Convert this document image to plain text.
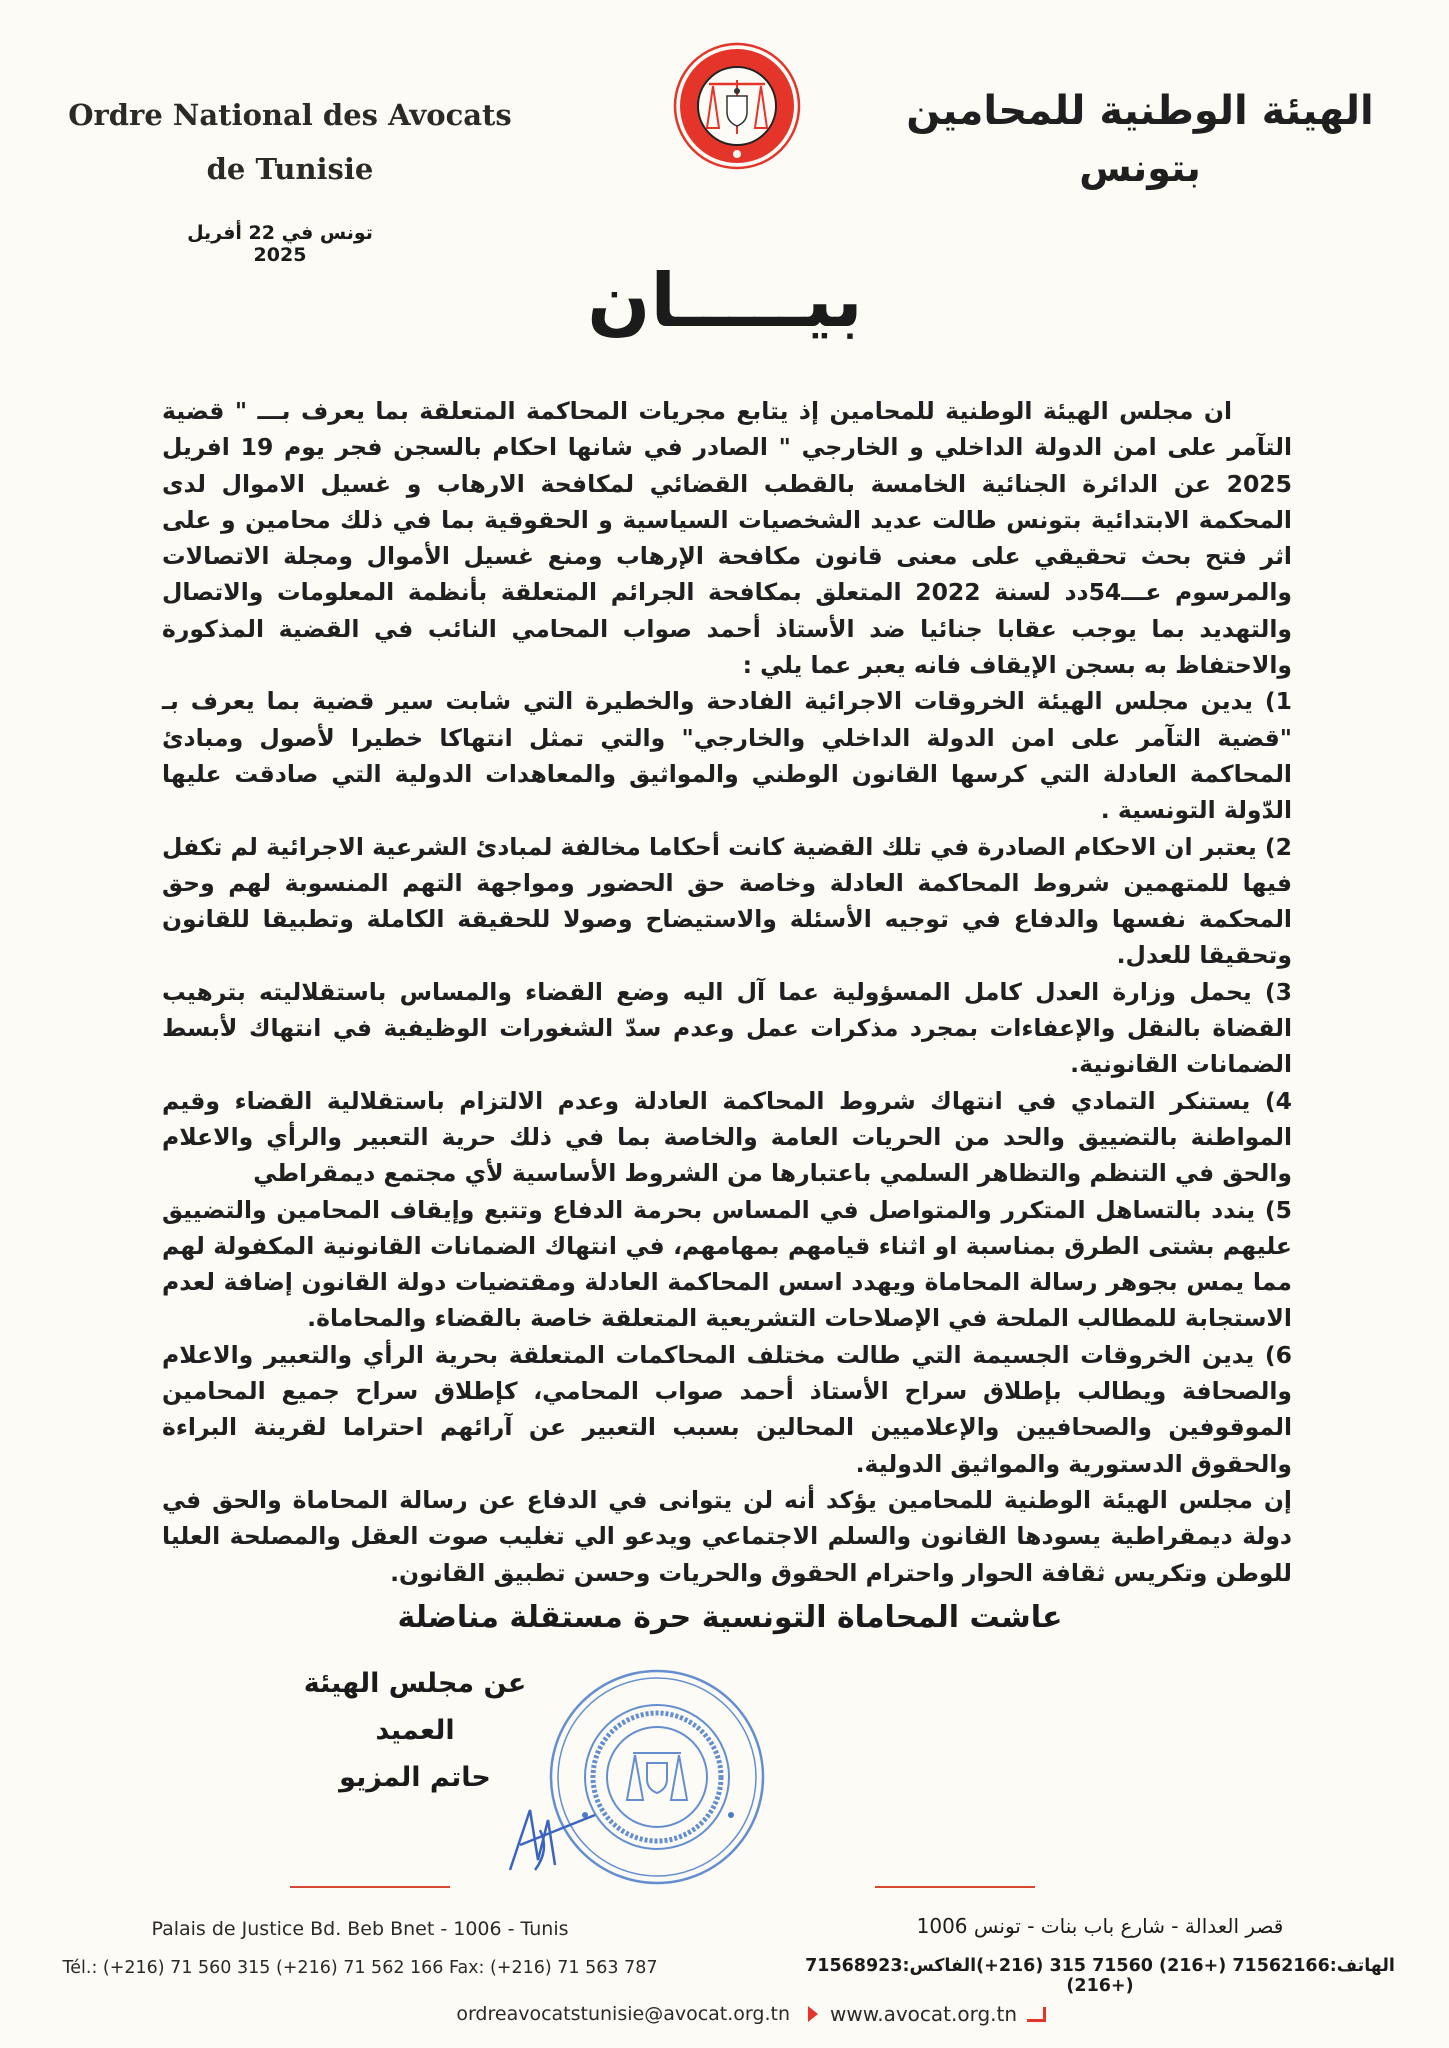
Ordre National des Avocats
de Tunisie
تونس في 22 أفريل 2025
الهيئة الوطنية للمحامين
بتونس
بيـــــان

ان مجلس الهيئة الوطنية للمحامين إذ يتابع مجريات المحاكمة المتعلقة بما يعرف بـــ " قضية التآمر على امن الدولة الداخلي و الخارجي " الصادر في شانها احكام بالسجن فجر يوم 19 افريل 2025 عن الدائرة الجنائية الخامسة بالقطب القضائي لمكافحة الارهاب و غسيل الاموال لدى المحكمة الابتدائية بتونس طالت عديد الشخصيات السياسية و الحقوقية بما في ذلك محامين و على اثر فتح بحث تحقيقي على معنى قانون مكافحة الإرهاب ومنع غسيل الأموال ومجلة الاتصالات والمرسوم عـــ54دد لسنة 2022 المتعلق بمكافحة الجرائم المتعلقة بأنظمة المعلومات والاتصال والتهديد بما يوجب عقابا جنائيا ضد الأستاذ أحمد صواب المحامي النائب في القضية المذكورة والاحتفاظ به بسجن الإيقاف فانه يعبر عما يلي :

1) يدين مجلس الهيئة الخروقات الاجرائية الفادحة والخطيرة التي شابت سير قضية بما يعرف بـ "قضية التآمر على امن الدولة الداخلي والخارجي" والتي تمثل انتهاكا خطيرا لأصول ومبادئ المحاكمة العادلة التي كرسها القانون الوطني والمواثيق والمعاهدات الدولية التي صادقت عليها الدّولة التونسية .

2) يعتبر ان الاحكام الصادرة في تلك القضية كانت أحكاما مخالفة لمبادئ الشرعية الاجرائية لم تكفل فيها للمتهمين شروط المحاكمة العادلة وخاصة حق الحضور ومواجهة التهم المنسوبة لهم وحق المحكمة نفسها والدفاع في توجيه الأسئلة والاستيضاح وصولا للحقيقة الكاملة وتطبيقا للقانون وتحقيقا للعدل.

3) يحمل وزارة العدل كامل المسؤولية عما آل اليه وضع القضاء والمساس باستقلاليته بترهيب القضاة بالنقل والإعفاءات بمجرد مذكرات عمل وعدم سدّ الشغورات الوظيفية في انتهاك لأبسط الضمانات القانونية.

4) يستنكر التمادي في انتهاك شروط المحاكمة العادلة وعدم الالتزام باستقلالية القضاء وقيم المواطنة بالتضييق والحد من الحريات العامة والخاصة بما في ذلك حرية التعبير والرأي والاعلام والحق في التنظم والتظاهر السلمي باعتبارها من الشروط الأساسية لأي مجتمع ديمقراطي

5) يندد بالتساهل المتكرر والمتواصل في المساس بحرمة الدفاع وتتبع وإيقاف المحامين والتضييق عليهم بشتى الطرق بمناسبة او اثناء قيامهم بمهامهم، في انتهاك الضمانات القانونية المكفولة لهم مما يمس بجوهر رسالة المحاماة ويهدد اسس المحاكمة العادلة ومقتضيات دولة القانون إضافة لعدم الاستجابة للمطالب الملحة في الإصلاحات التشريعية المتعلقة خاصة بالقضاء والمحاماة.

6) يدين الخروقات الجسيمة التي طالت مختلف المحاكمات المتعلقة بحرية الرأي والتعبير والاعلام والصحافة ويطالب بإطلاق سراح الأستاذ أحمد صواب المحامي، كإطلاق سراح جميع المحامين الموقوفين والصحافيين والإعلاميين المحالين بسبب التعبير عن آرائهم احتراما لقرينة البراءة والحقوق الدستورية والمواثيق الدولية.

إن مجلس الهيئة الوطنية للمحامين يؤكد أنه لن يتوانى في الدفاع عن رسالة المحاماة والحق في دولة ديمقراطية يسودها القانون والسلم الاجتماعي ويدعو الي تغليب صوت العقل والمصلحة العليا للوطن وتكريس ثقافة الحوار واحترام الحقوق والحريات وحسن تطبيق القانون.

عاشت المحاماة التونسية حرة مستقلة مناضلة
عن مجلس الهيئة
العميد
حاتم المزيو
Palais de Justice Bd. Beb Bnet - 1006 - Tunis
Tél.: (+216) 71 560 315 (+216) 71 562 166 Fax: (+216) 71 563 787
قصر العدالة - شارع باب بنات - تونس 1006
الهاتف:71562166 (+216) 71560 315 (216+)الفاكس:71568923 (+216)
ordreavocatstunisie@avocat.org.tn www.avocat.org.tn
